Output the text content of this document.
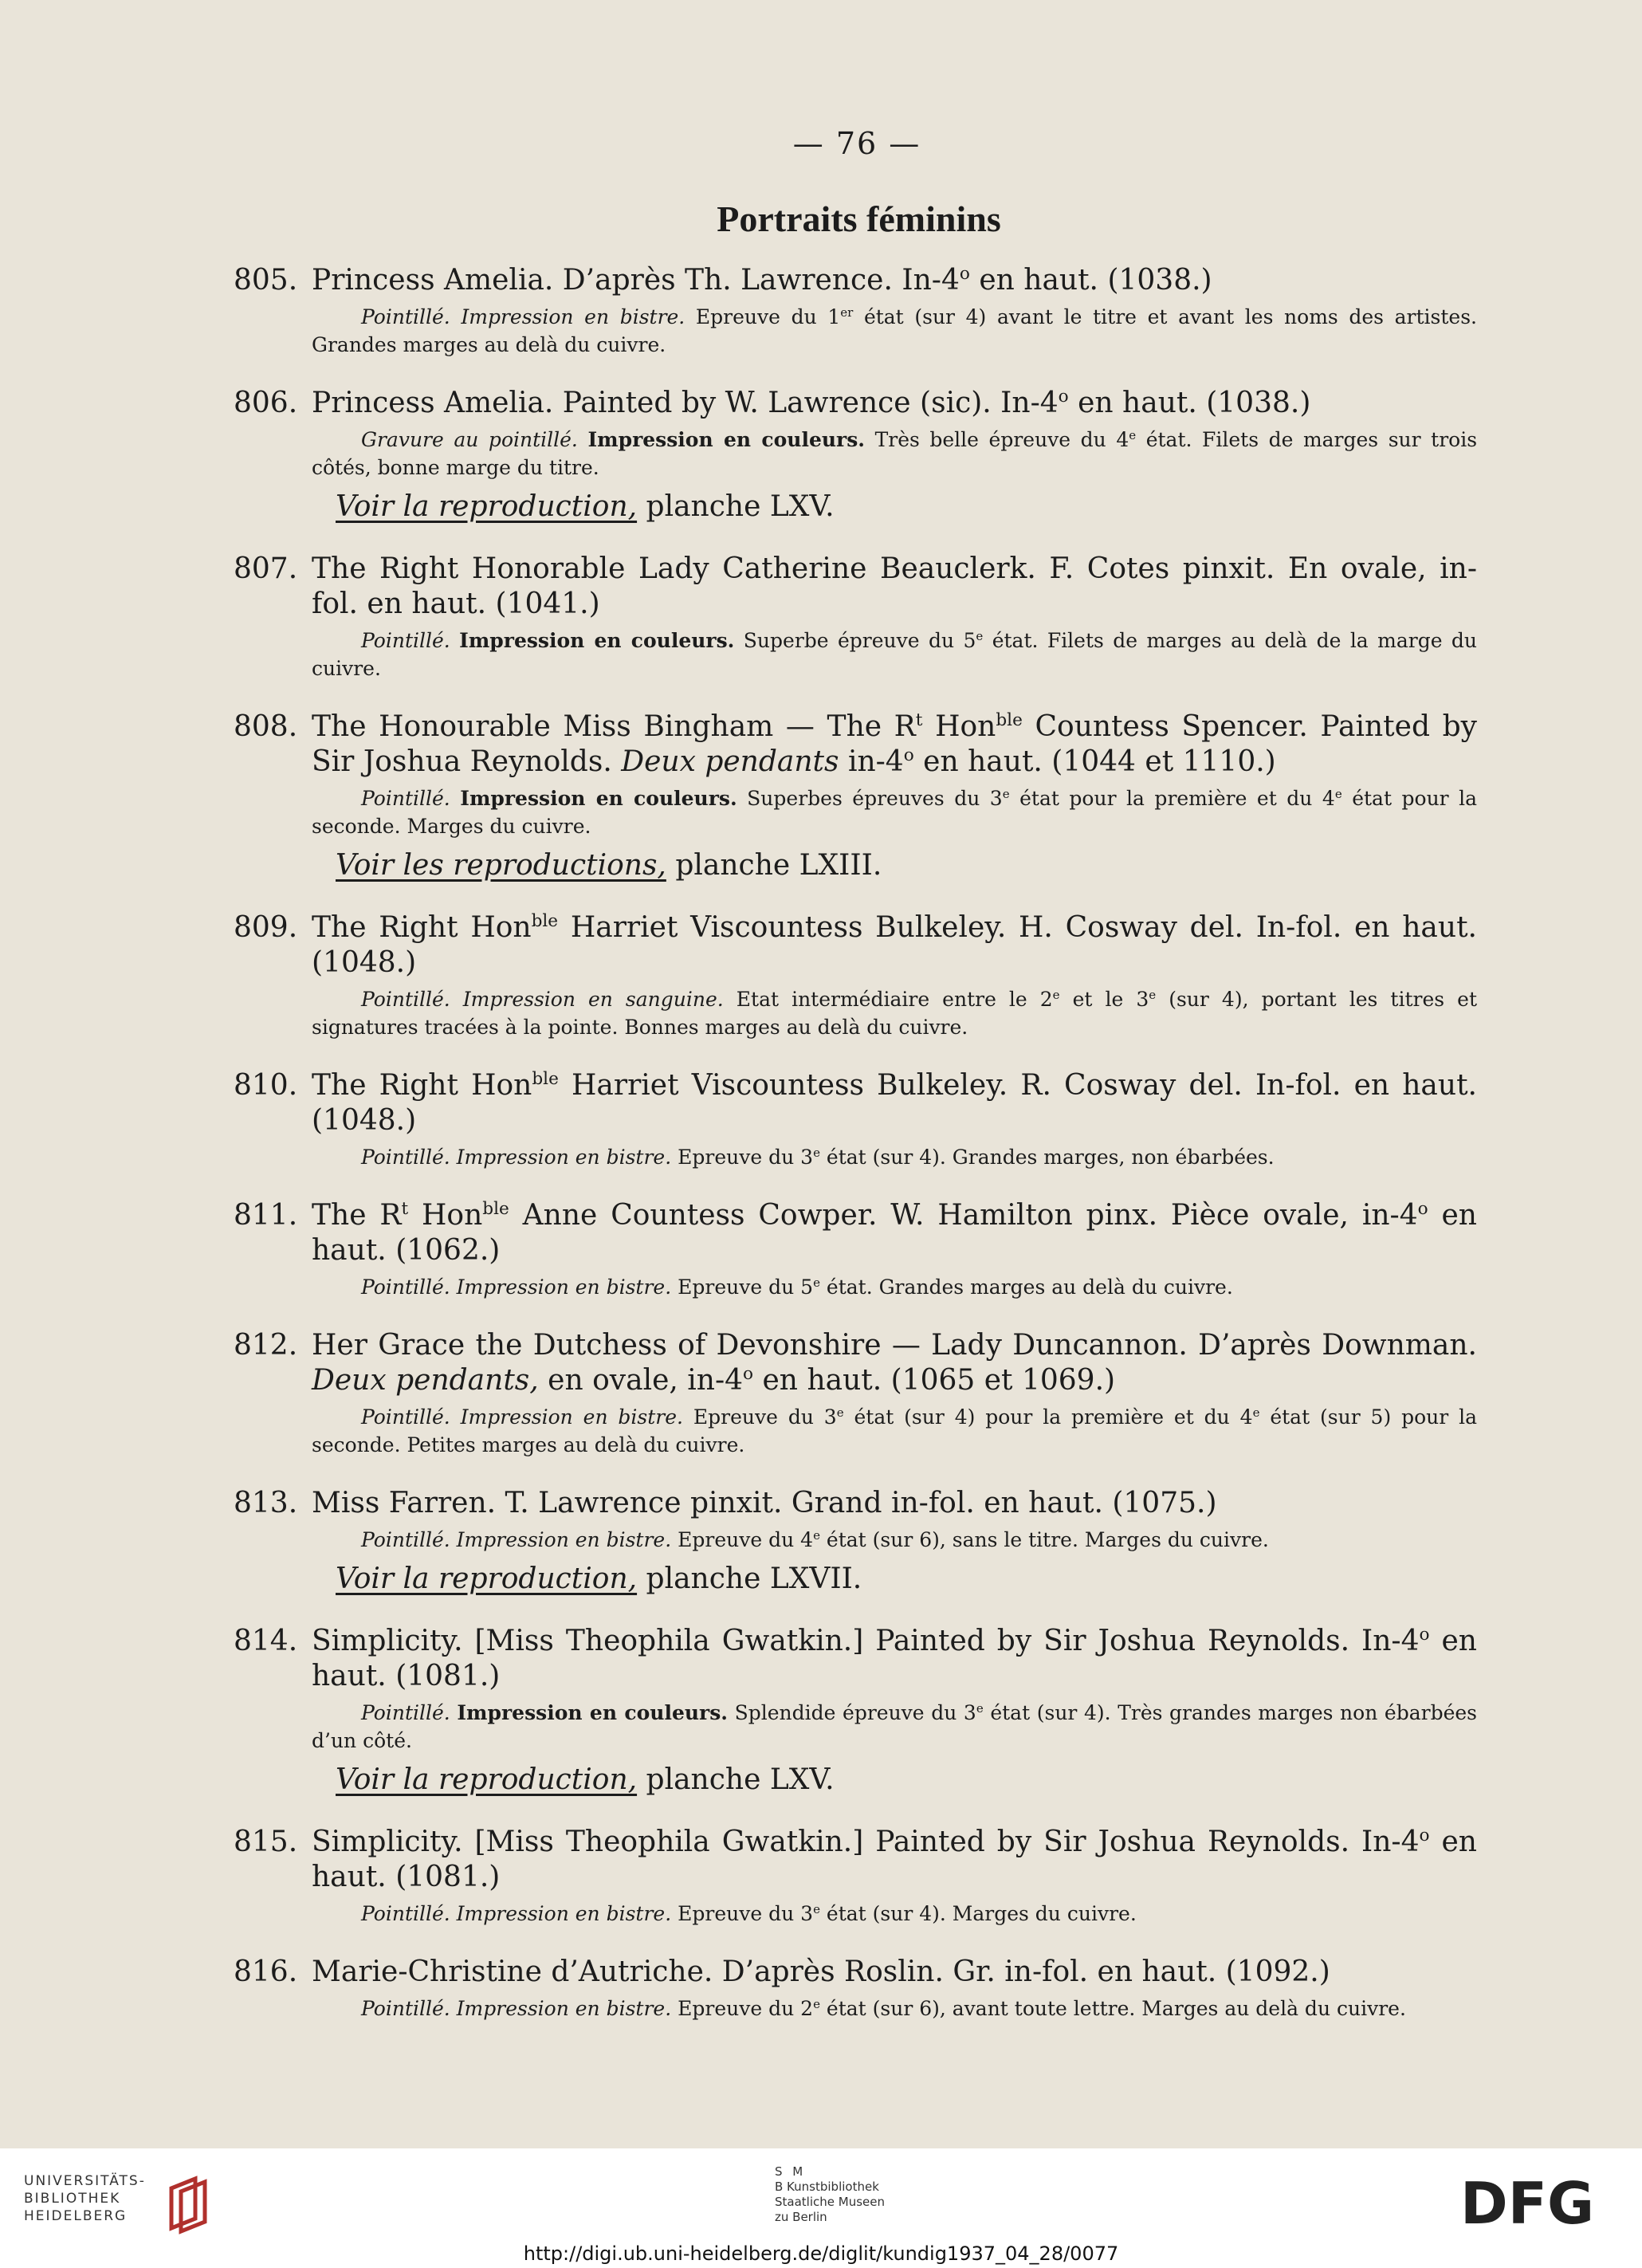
— 76 —
Portraits féminins
805. Princess Amelia. D’après Th. Lawrence. In-4$^o$ en haut. (1038.)
Pointillé. Impression en bistre. Epreuve du 1er état (sur 4) avant le titre et avant les noms des artistes. Grandes marges au delà du cuivre.
806. Princess Amelia. Painted by W. Lawrence (sic). In-4$^o$ en haut. (1038.)
Gravure au pointillé. Impression en couleurs. Très belle épreuve du 4e état. Filets de marges sur trois côtés, bonne marge du titre.
Voir la reproduction, planche LXV.
807. The Right Honorable Lady Catherine Beauclerk. F. Cotes pinxit. En ovale, in-fol. en haut. (1041.)
Pointillé. Impression en couleurs. Superbe épreuve du 5e état. Filets de marges au delà de la marge du cuivre.
808. The Honourable Miss Bingham — The $R^t$ Hon$^{ble}$ Countess Spencer. Painted by Sir Joshua Reynolds. Deux pendants in-4$^o$ en haut. (1044 et 1110.)
Pointillé. Impression en couleurs. Superbes épreuves du 3e état pour la première et du 4e état pour la seconde. Marges du cuivre.
Voir les reproductions, planche LXIII.
809. The Right Hon$^{ble}$ Harriet Viscountess Bulkeley. H. Cosway del. In-fol. en haut. (1048.)
Pointillé. Impression en sanguine. Etat intermédiaire entre le 2e et le 3e (sur 4), portant les titres et signatures tracées à la pointe. Bonnes marges au delà du cuivre.
810. The Right Hon$^{ble}$ Harriet Viscountess Bulkeley. R. Cosway del. In-fol. en haut. (1048.)
Pointillé. Impression en bistre. Epreuve du 3e état (sur 4). Grandes marges, non ébarbées.
811. The $R^t$ Hon$^{ble}$ Anne Countess Cowper. W. Hamilton pinx. Pièce ovale, in-4$^o$ en haut. (1062.)
Pointillé. Impression en bistre. Epreuve du 5e état. Grandes marges au delà du cuivre.
812. Her Grace the Dutchess of Devonshire — Lady Duncannon. D’après Downman. Deux pendants, en ovale, in-4$^o$ en haut. (1065 et 1069.)
Pointillé. Impression en bistre. Epreuve du 3e état (sur 4) pour la première et du 4e état (sur 5) pour la seconde. Petites marges au delà du cuivre.
813. Miss Farren. T. Lawrence pinxit. Grand in-fol. en haut. (1075.)
Pointillé. Impression en bistre. Epreuve du 4e état (sur 6), sans le titre. Marges du cuivre.
Voir la reproduction, planche LXVII.
814. Simplicity. [Miss Theophila Gwatkin.] Painted by Sir Joshua Reynolds. In-4$^o$ en haut. (1081.)
Pointillé. Impression en couleurs. Splendide épreuve du 3e état (sur 4). Très grandes marges non ébarbées d’un côté.
Voir la reproduction, planche LXV.
815. Simplicity. [Miss Theophila Gwatkin.] Painted by Sir Joshua Reynolds. In-4$^o$ en haut. (1081.)
Pointillé. Impression en bistre. Epreuve du 3e état (sur 4). Marges du cuivre.
816. Marie-Christine d’Autriche. D’après Roslin. Gr. in-fol. en haut. (1092.)
Pointillé. Impression en bistre. Epreuve du 2e état (sur 6), avant toute lettre. Marges au delà du cuivre.
UNIVERSITÄTS-
BIBLIOTHEK
HEIDELBERG
S M
B Kunstbibliothek
Staatliche Museen
zu Berlin	DFG
http://digi.ub.uni-heidelberg.de/diglit/kundig1937_04_28/0077
